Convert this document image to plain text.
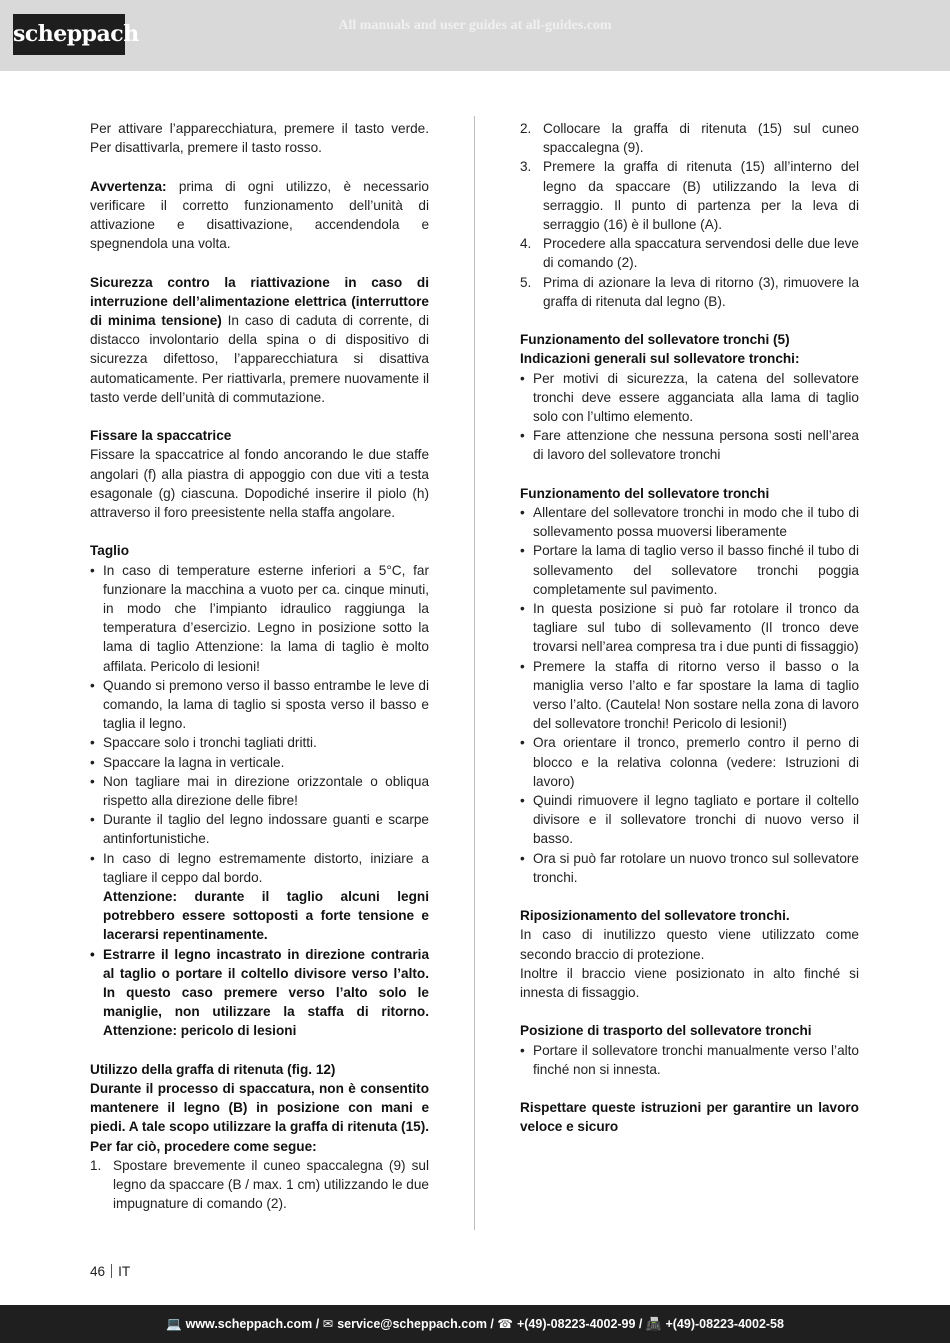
scheppach	All manuals and user guides at all-guides.com

Per attivare l’apparecchiatura, premere il tasto verde. Per disattivarla, premere il tasto rosso.

Avvertenza: prima di ogni utilizzo, è necessario verificare il corretto funzionamento dell’unità di attivazione e disattivazione, accendendola e spegnendola una volta.

Sicurezza contro la riattivazione in caso di interruzione dell’alimentazione elettrica (interruttore di minima tensione) In caso di caduta di corrente, di distacco involontario della spina o di dispositivo di sicurezza difettoso, l’apparecchiatura si disattiva automaticamente. Per riattivarla, premere nuovamente il tasto verde dell’unità di commutazione.

Fissare la spaccatrice

Fissare la spaccatrice al fondo ancorando le due staffe angolari (f) alla piastra di appoggio con due viti a testa esagonale (g) ciascuna. Dopodiché inserire il piolo (h) attraverso il foro preesistente nella staffa angolare.

Taglio

• In caso di temperature esterne inferiori a 5°C, far funzionare la macchina a vuoto per ca. cinque minuti, in modo che l’impianto idraulico raggiunga la temperatura d’esercizio. Legno in posizione sotto la lama di taglio Attenzione: la lama di taglio è molto affilata. Pericolo di lesioni!
• Quando si premono verso il basso entrambe le leve di comando, la lama di taglio si sposta verso il basso e taglia il legno.
• Spaccare solo i tronchi tagliati dritti.
• Spaccare la lagna in verticale.
• Non tagliare mai in direzione orizzontale o obliqua rispetto alla direzione delle fibre!
• Durante il taglio del legno indossare guanti e scarpe antinfortunistiche.
• In caso di legno estremamente distorto, iniziare a tagliare il ceppo dal bordo.
Attenzione: durante il taglio alcuni legni potrebbero essere sottoposti a forte tensione e lacerarsi repentinamente.
• Estrarre il legno incastrato in direzione contraria al taglio o portare il coltello divisore verso l’alto. In questo caso premere verso l’alto solo le maniglie, non utilizzare la staffa di ritorno. Attenzione: pericolo di lesioni

Utilizzo della graffa di ritenuta (fig. 12)

Durante il processo di spaccatura, non è consentito mantenere il legno (B) in posizione con mani e piedi. A tale scopo utilizzare la graffa di ritenuta (15). Per far ciò, procedere come segue:

1. Spostare brevemente il cuneo spaccalegna (9) sul legno da spaccare (B / max. 1 cm) utilizzando le due impugnature di comando (2).
2. Collocare la graffa di ritenuta (15) sul cuneo spaccalegna (9).
3. Premere la graffa di ritenuta (15) all’interno del legno da spaccare (B) utilizzando la leva di serraggio. Il punto di partenza per la leva di serraggio (16) è il bullone (A).
4. Procedere alla spaccatura servendosi delle due leve di comando (2).
5. Prima di azionare la leva di ritorno (3), rimuovere la graffa di ritenuta dal legno (B).

Funzionamento del sollevatore tronchi (5)

Indicazioni generali sul sollevatore tronchi:

• Per motivi di sicurezza, la catena del sollevatore tronchi deve essere agganciata alla lama di taglio solo con l’ultimo elemento.
• Fare attenzione che nessuna persona sosti nell’area di lavoro del sollevatore tronchi

Funzionamento del sollevatore tronchi

• Allentare del sollevatore tronchi in modo che il tubo di sollevamento possa muoversi liberamente
• Portare la lama di taglio verso il basso finché il tubo di sollevamento del sollevatore tronchi poggia completamente sul pavimento.
• In questa posizione si può far rotolare il tronco da tagliare sul tubo di sollevamento (Il tronco deve trovarsi nell’area compresa tra i due punti di fissaggio)
• Premere la staffa di ritorno verso il basso o la maniglia verso l’alto e far spostare la lama di taglio verso l’alto. (Cautela! Non sostare nella zona di lavoro del sollevatore tronchi! Pericolo di lesioni!)
• Ora orientare il tronco, premerlo contro il perno di blocco e la relativa colonna (vedere: Istruzioni di lavoro)
• Quindi rimuovere il legno tagliato e portare il coltello divisore e il sollevatore tronchi di nuovo verso il basso.
• Ora si può far rotolare un nuovo tronco sul sollevatore tronchi.

Riposizionamento del sollevatore tronchi.

In caso di inutilizzo questo viene utilizzato come secondo braccio di protezione.

Inoltre il braccio viene posizionato in alto finché si innesta di fissaggio.

Posizione di trasporto del sollevatore tronchi

• Portare il sollevatore tronchi manualmente verso l’alto finché non si innesta.

Rispettare queste istruzioni per garantire un lavoro veloce e sicuro

46 IT
💻 www.scheppach.com / ✉ service@scheppach.com / ☎ +(49)-08223-4002-99 / 📠 +(49)-08223-4002-58
